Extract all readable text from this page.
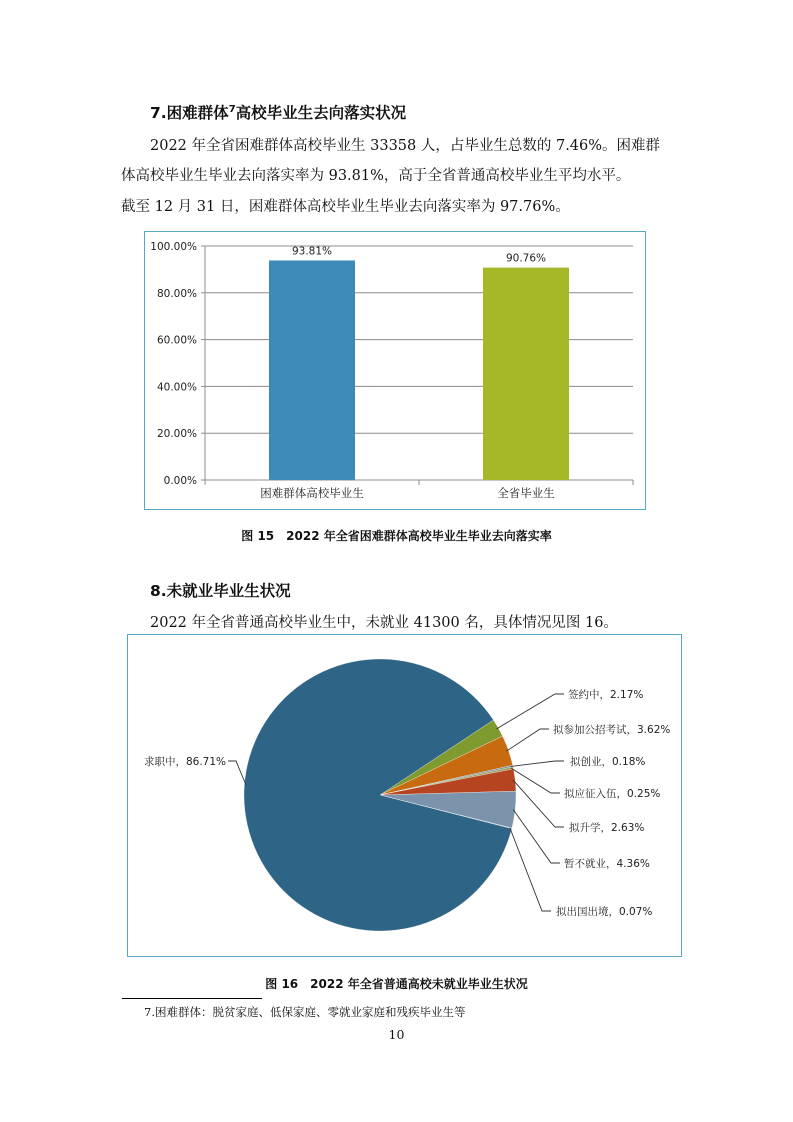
7.困难群体$^7$高校毕业生去向落实状况
2022 年全省困难群体高校毕业生 33358 人，占毕业生总数的 7.46%。困难群
体高校毕业生毕业去向落实率为 93.81%，高于全省普通高校毕业生平均水平。
截至 12 月 31 日，困难群体高校毕业生毕业去向落实率为 97.76%。
0.00%
20.00%
40.00%
60.00%
80.00%
100.00%	93.81%
困难群体高校毕业生
90.76%
全省毕业生
图 15　2022 年全省困难群体高校毕业生毕业去向落实率
8.未就业毕业生状况
2022 年全省普通高校毕业生中，未就业 41300 名，具体情况见图 16。
签约中，2.17%
拟参加公招考试，3.62%
拟创业，0.18%
拟应征入伍，0.25%
拟升学，2.63%
暂不就业，4.36%
拟出国出境，0.07%
求职中，86.71%
图 16　2022 年全省普通高校未就业毕业生状况
7.困难群体：脱贫家庭、低保家庭、零就业家庭和残疾毕业生等
10
